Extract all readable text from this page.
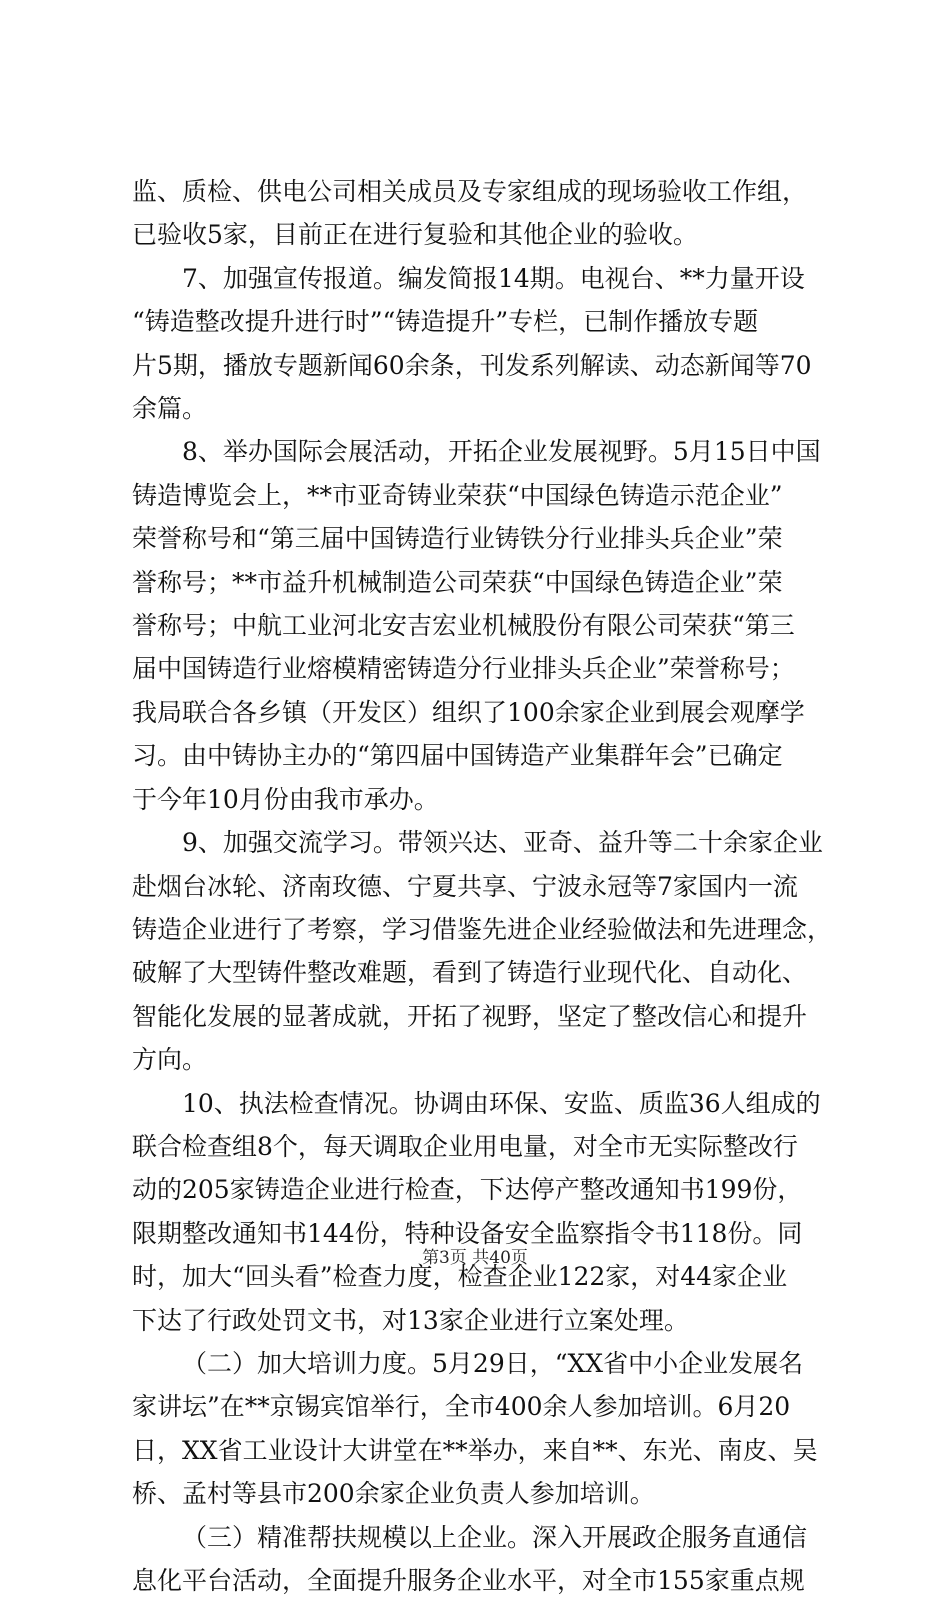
监、质检、供电公司相关成员及专家组成的现场验收工作组，
已验收5家，目前正在进行复验和其他企业的验收。
7、加强宣传报道。编发简报14期。电视台、**力量开设
“铸造整改提升进行时”“铸造提升”专栏，已制作播放专题
片5期，播放专题新闻60余条，刊发系列解读、动态新闻等70
余篇。
8、举办国际会展活动，开拓企业发展视野。5月15日中国
铸造博览会上，**市亚奇铸业荣获“中国绿色铸造示范企业”
荣誉称号和“第三届中国铸造行业铸铁分行业排头兵企业”荣
誉称号；**市益升机械制造公司荣获“中国绿色铸造企业”荣
誉称号；中航工业河北安吉宏业机械股份有限公司荣获“第三
届中国铸造行业熔模精密铸造分行业排头兵企业”荣誉称号；
我局联合各乡镇（开发区）组织了100余家企业到展会观摩学
习。由中铸协主办的“第四届中国铸造产业集群年会”已确定
于今年10月份由我市承办。
9、加强交流学习。带领兴达、亚奇、益升等二十余家企业
赴烟台冰轮、济南玫德、宁夏共享、宁波永冠等7家国内一流
铸造企业进行了考察，学习借鉴先进企业经验做法和先进理念，
破解了大型铸件整改难题，看到了铸造行业现代化、自动化、
智能化发展的显著成就，开拓了视野，坚定了整改信心和提升
方向。
10、执法检查情况。协调由环保、安监、质监36人组成的
联合检查组8个，每天调取企业用电量，对全市无实际整改行
动的205家铸造企业进行检查，下达停产整改通知书199份，
限期整改通知书144份，特种设备安全监察指令书118份。同
时，加大“回头看”检查力度，检查企业122家，对44家企业
下达了行政处罚文书，对13家企业进行立案处理。
（二）加大培训力度。5月29日，“XX省中小企业发展名
家讲坛”在**京锡宾馆举行，全市400余人参加培训。6月20
日，XX省工业设计大讲堂在**举办，来自**、东光、南皮、吴
桥、孟村等县市200余家企业负责人参加培训。
（三）精准帮扶规模以上企业。深入开展政企服务直通信
息化平台活动，全面提升服务企业水平，对全市155家重点规
第3页 共40页
